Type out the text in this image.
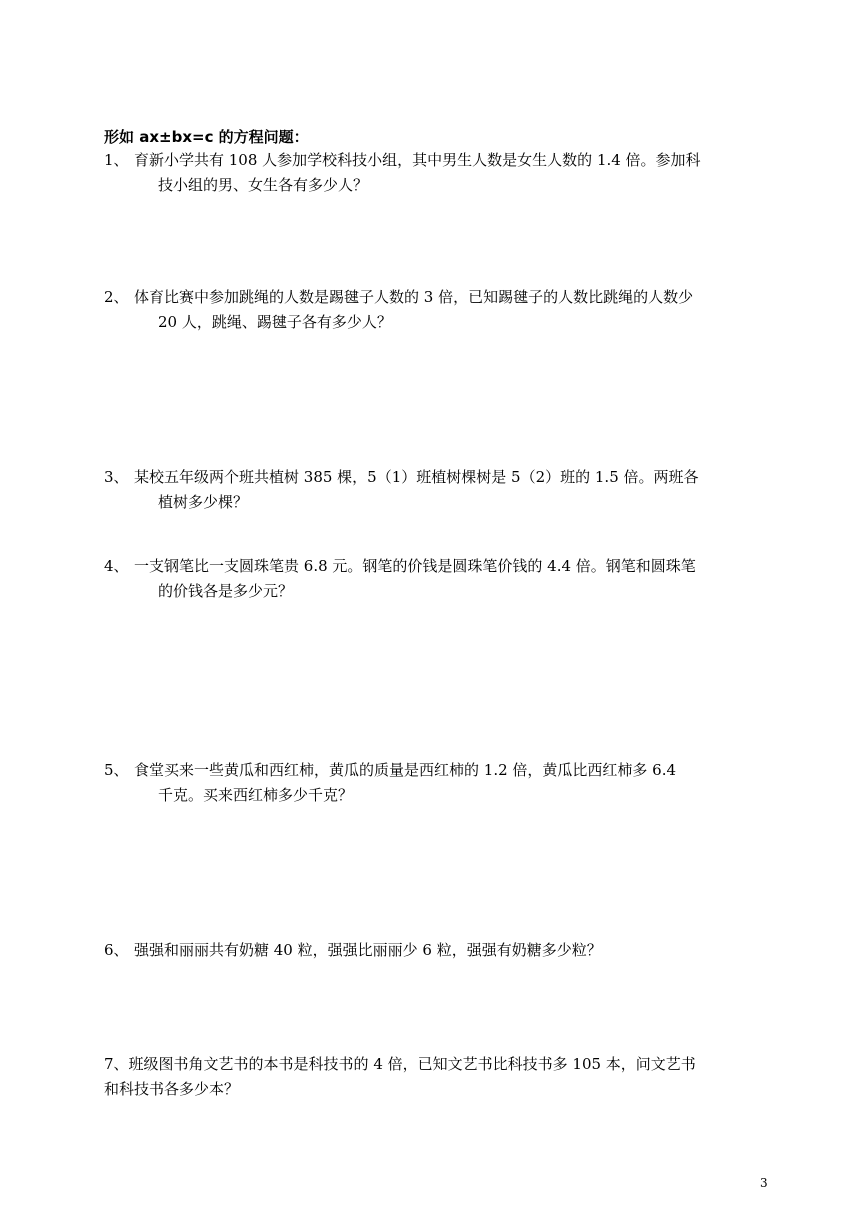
形如 ax±bx=c 的方程问题：
1、 育新小学共有 108 人参加学校科技小组，其中男生人数是女生人数的 1.4 倍。参加科
技小组的男、女生各有多少人？
2、 体育比赛中参加跳绳的人数是踢毽子人数的 3 倍，已知踢毽子的人数比跳绳的人数少
20 人，跳绳、踢毽子各有多少人？
3、 某校五年级两个班共植树 385 棵，5（1）班植树棵树是 5（2）班的 1.5 倍。两班各
植树多少棵？
4、 一支钢笔比一支圆珠笔贵 6.8 元。钢笔的价钱是圆珠笔价钱的 4.4 倍。钢笔和圆珠笔
的价钱各是多少元？
5、 食堂买来一些黄瓜和西红柿，黄瓜的质量是西红柿的 1.2 倍，黄瓜比西红柿多 6.4
千克。买来西红柿多少千克？
6、 强强和丽丽共有奶糖 40 粒，强强比丽丽少 6 粒，强强有奶糖多少粒？
7、班级图书角文艺书的本书是科技书的 4 倍，已知文艺书比科技书多 105 本，问文艺书
和科技书各多少本？
3
